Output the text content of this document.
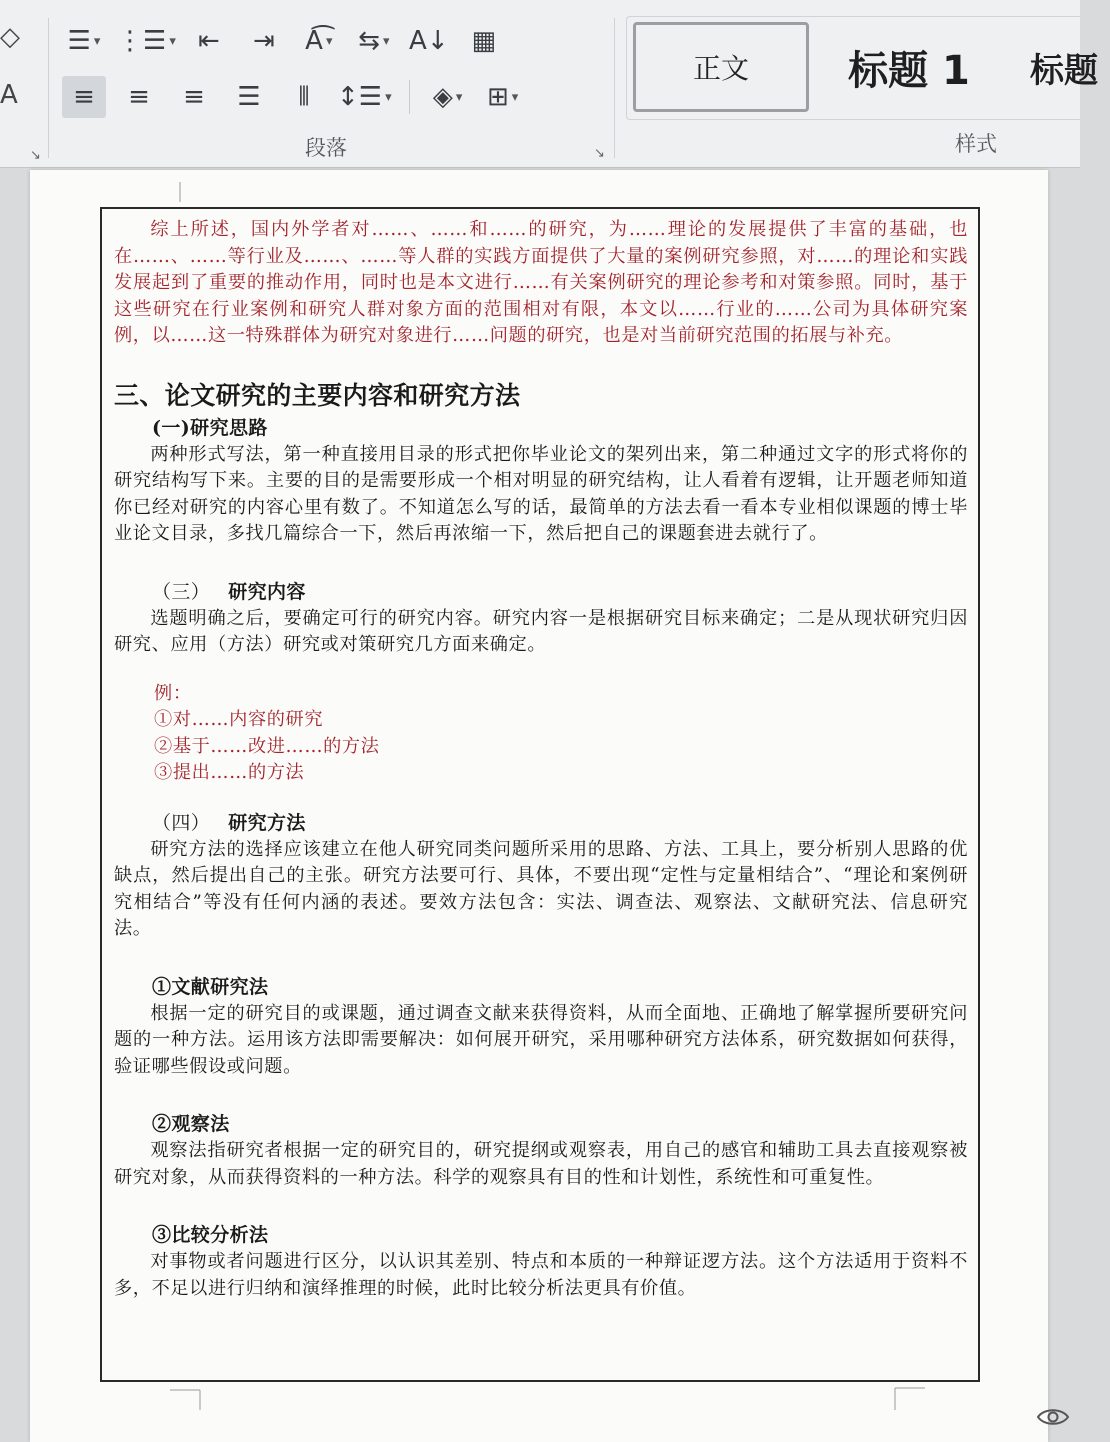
◇
A
↘
☰ ▾ ⋮☰ ▾ ⇤	⇥	A͡ ▾ ⇆ ▾ A↓ ▦
≡	≡	≡	☰	⦀	↕☰ ▾ ◈ ▾ ⊞ ▾
段落	↘
正文 标题 1 标题
样式

综上所述，国内外学者对……、……和……的研究，为……理论的发展提供了丰富的基础，也在……、……等行业及……、……等人群的实践方面提供了大量的案例研究参照，对……的理论和实践发展起到了重要的推动作用，同时也是本文进行……有关案例研究的理论参考和对策参照。同时，基于这些研究在行业案例和研究人群对象方面的范围相对有限，本文以……行业的……公司为具体研究案例，以……这一特殊群体为研究对象进行……问题的研究，也是对当前研究范围的拓展与补充。

三、论文研究的主要内容和研究方法
(一)研究思路

两种形式写法，第一种直接用目录的形式把你毕业论文的架列出来，第二种通过文字的形式将你的研究结构写下来。主要的目的是需要形成一个相对明显的研究结构，让人看着有逻辑，让开题老师知道你已经对研究的内容心里有数了。不知道怎么写的话，最简单的方法去看一看本专业相似课题的博士毕业论文目录，多找几篇综合一下，然后再浓缩一下，然后把自己的课题套进去就行了。

（三） 研究内容

选题明确之后，要确定可行的研究内容。研究内容一是根据研究目标来确定；二是从现状研究归因研究、应用（方法）研究或对策研究几方面来确定。

例：
①对……内容的研究
②基于……改进……的方法
③提出……的方法
（四） 研究方法

研究方法的选择应该建立在他人研究同类问题所采用的思路、方法、工具上，要分析别人思路的优缺点，然后提出自己的主张。研究方法要可行、具体，不要出现“定性与定量相结合”、“理论和案例研究相结合”等没有任何内涵的表述。要效方法包含：实法、调查法、观察法、文献研究法、信息研究法。

①文献研究法

根据一定的研究目的或课题，通过调查文献来获得资料，从而全面地、正确地了解掌握所要研究问题的一种方法。运用该方法即需要解决：如何展开研究，采用哪种研究方法体系，研究数据如何获得，验证哪些假设或问题。

②观察法

观察法指研究者根据一定的研究目的，研究提纲或观察表，用自己的感官和辅助工具去直接观察被研究对象，从而获得资料的一种方法。科学的观察具有目的性和计划性，系统性和可重复性。

③比较分析法

对事物或者问题进行区分，以认识其差别、特点和本质的一种辩证逻方法。这个方法适用于资料不多，不足以进行归纳和演绎推理的时候，此时比较分析法更具有价值。
